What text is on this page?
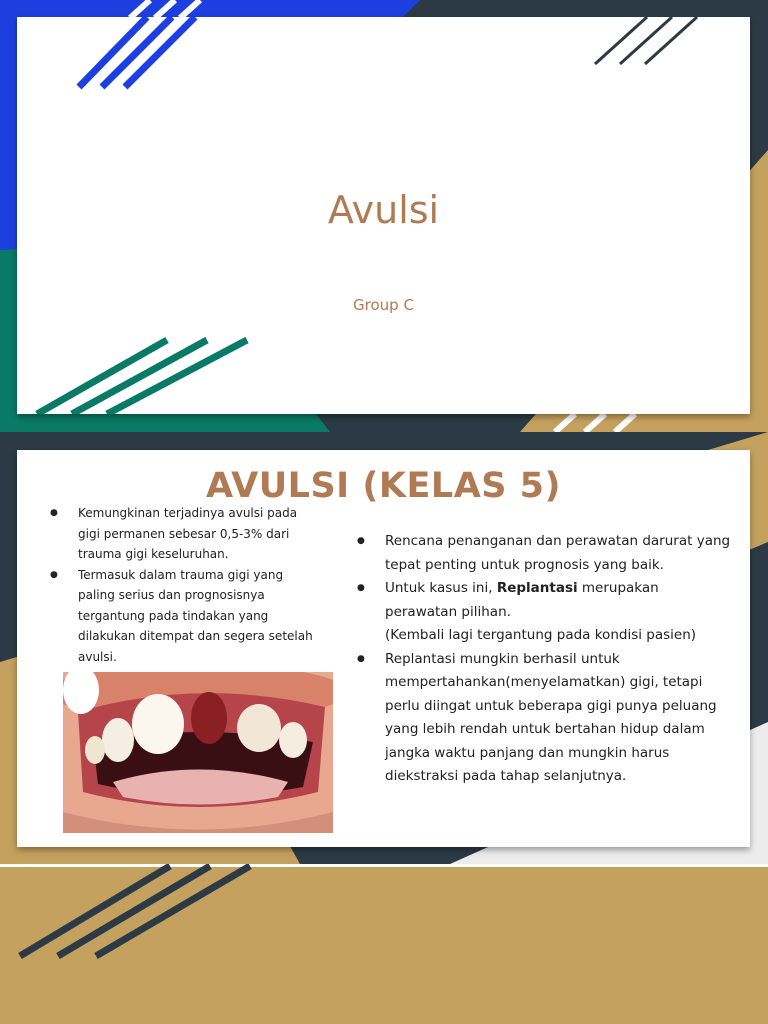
Avulsi

Group C

AVULSI (KELAS 5)
● Kemungkinan terjadinya avulsi pada gigi permanen sebesar 0,5-3% dari trauma gigi keseluruhan.
● Termasuk dalam trauma gigi yang paling serius dan prognosisnya tergantung pada tindakan yang dilakukan ditempat dan segera setelah avulsi.
● Rencana penanganan dan perawatan darurat yang tepat penting untuk prognosis yang baik.
● Untuk kasus ini, Replantasi merupakan perawatan pilihan.
(Kembali lagi tergantung pada kondisi pasien)
● Replantasi mungkin berhasil untuk mempertahankan(menyelamatkan) gigi, tetapi perlu diingat untuk beberapa gigi punya peluang yang lebih rendah untuk bertahan hidup dalam jangka waktu panjang dan mungkin harus diekstraksi pada tahap selanjutnya.
